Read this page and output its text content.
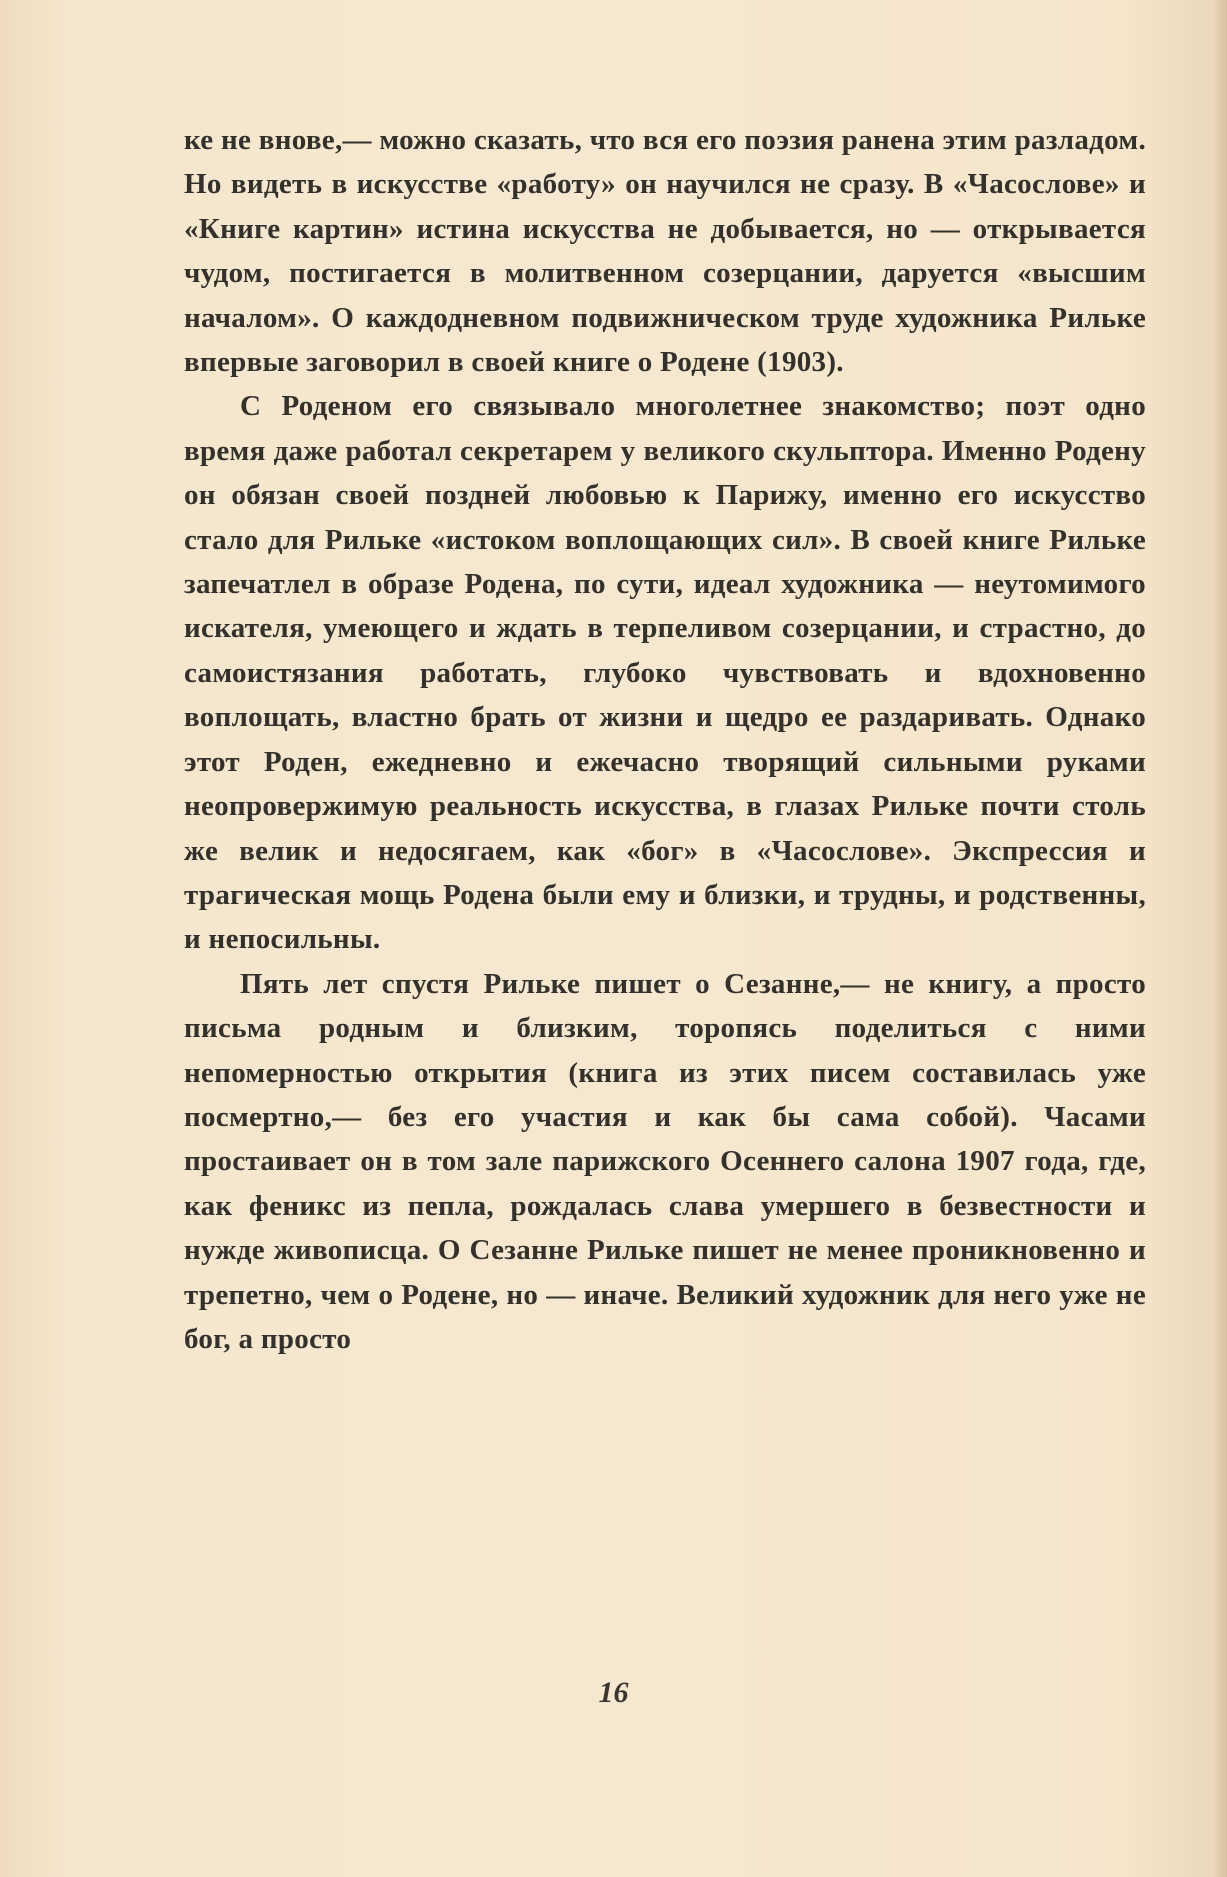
ке не внове,— можно сказать, что вся его поэзия ранена этим разладом. Но видеть в искусстве «работу» он научился не сразу. В «Часослове» и «Книге картин» истина искусства не добывается, но — открывается чудом, постигается в молитвенном созерцании, даруется «высшим началом». О каждодневном подвижническом труде художника Рильке впервые заговорил в своей книге о Родене (1903).

С Роденом его связывало многолетнее знакомство; поэт одно время даже работал секретарем у великого скульптора. Именно Родену он обязан своей поздней любовью к Парижу, именно его искусство стало для Рильке «истоком воплощающих сил». В своей книге Рильке запечатлел в образе Родена, по сути, идеал художника — неутомимого искателя, умеющего и ждать в терпеливом созерцании, и страстно, до самоистязания работать, глубоко чувствовать и вдохновенно воплощать, властно брать от жизни и щедро ее раздаривать. Однако этот Роден, ежедневно и ежечасно творящий сильными руками неопровержимую реальность искусства, в глазах Рильке почти столь же велик и недосягаем, как «бог» в «Часослове». Экспрессия и трагическая мощь Родена были ему и близки, и трудны, и родственны, и непосильны.

Пять лет спустя Рильке пишет о Сезанне,— не книгу, а просто письма родным и близким, торопясь поделиться с ними непомерностью открытия (книга из этих писем составилась уже посмертно,— без его участия и как бы сама собой). Часами простаивает он в том зале парижского Осеннего салона 1907 года, где, как феникс из пепла, рождалась слава умершего в безвестности и нужде живописца. О Сезанне Рильке пишет не менее проникновенно и трепетно, чем о Родене, но — иначе. Великий художник для него уже не бог, а просто

16
